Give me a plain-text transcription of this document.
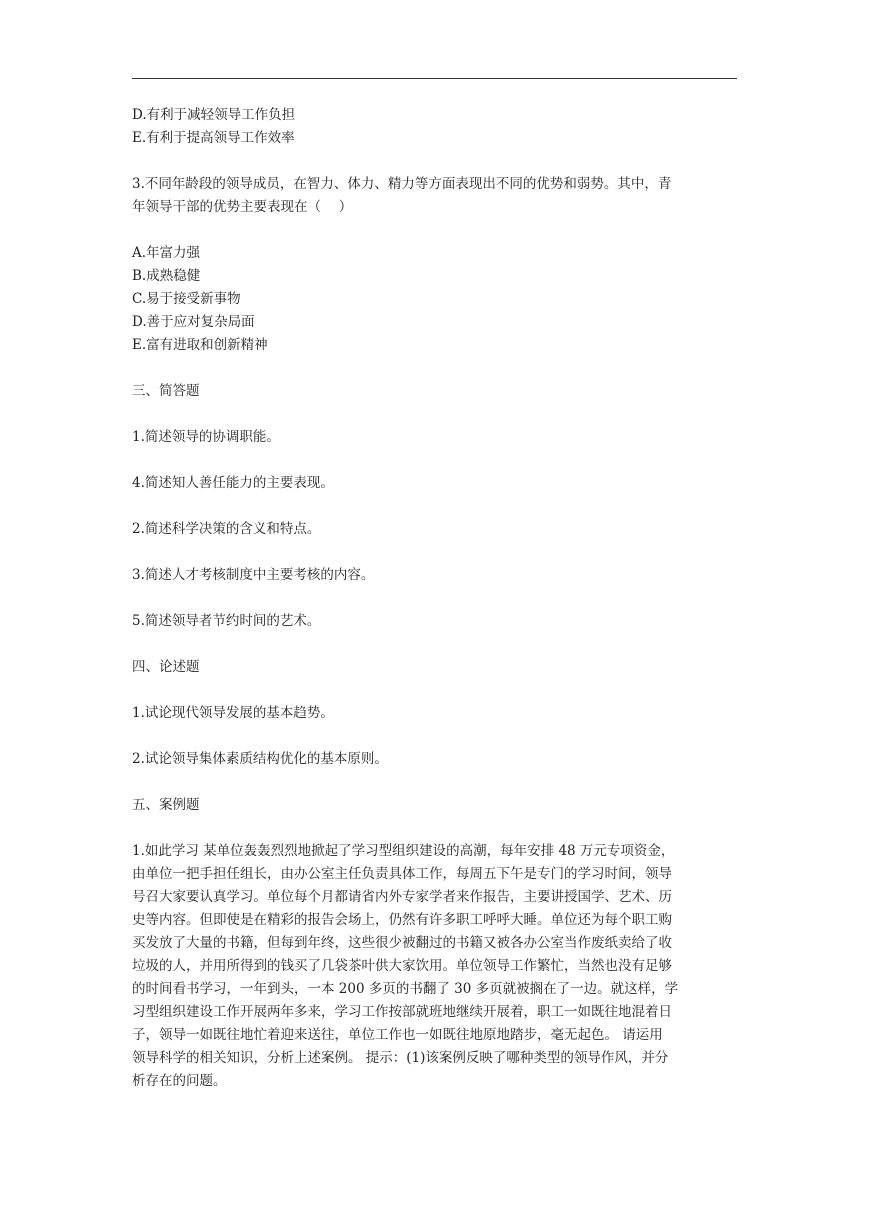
D.有利于减轻领导工作负担

E.有利于提高领导工作效率

3.不同年龄段的领导成员，在智力、体力、精力等方面表现出不同的优势和弱势。其中，青

年领导干部的优势主要表现在（　 ）

A.年富力强

B.成熟稳健

C.易于接受新事物

D.善于应对复杂局面

E.富有进取和创新精神

三、简答题

1.简述领导的协调职能。

4.简述知人善任能力的主要表现。

2.简述科学决策的含义和特点。

3.简述人才考核制度中主要考核的内容。

5.简述领导者节约时间的艺术。

四、论述题

1.试论现代领导发展的基本趋势。

2.试论领导集体素质结构优化的基本原则。

五、案例题

1.如此学习 某单位轰轰烈烈地掀起了学习型组织建设的高潮，每年安排 48 万元专项资金，

由单位一把手担任组长，由办公室主任负责具体工作，每周五下午是专门的学习时间，领导

号召大家要认真学习。单位每个月都请省内外专家学者来作报告，主要讲授国学、艺术、历

史等内容。但即使是在精彩的报告会场上，仍然有许多职工呼呼大睡。单位还为每个职工购

买发放了大量的书籍，但每到年终，这些很少被翻过的书籍又被各办公室当作废纸卖给了收

垃圾的人，并用所得到的钱买了几袋茶叶供大家饮用。单位领导工作繁忙，当然也没有足够

的时间看书学习，一年到头，一本 200 多页的书翻了 30 多页就被搁在了一边。就这样，学

习型组织建设工作开展两年多来，学习工作按部就班地继续开展着，职工一如既往地混着日

子，领导一如既往地忙着迎来送往，单位工作也一如既往地原地踏步，毫无起色。 请运用

领导科学的相关知识，分析上述案例。 提示：(1)该案例反映了哪种类型的领导作风，并分

析存在的问题。
